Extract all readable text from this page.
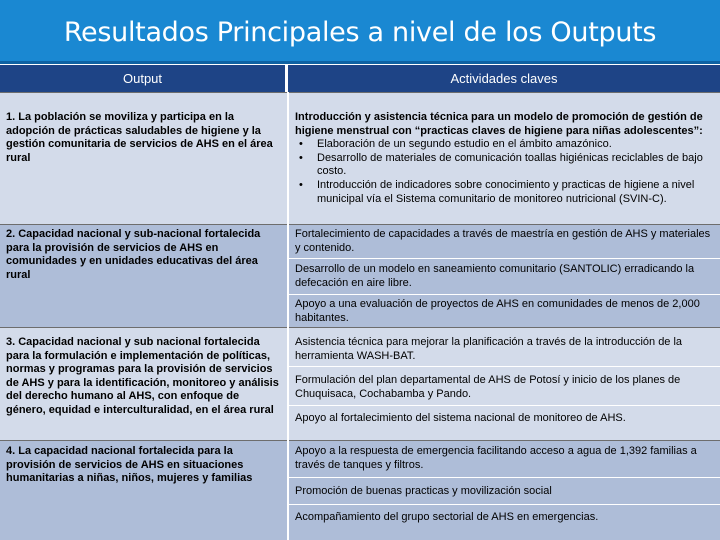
Resultados Principales a nivel de los Outputs
Output	Actividades claves
1. La población se moviliza y participa en la adopción de prácticas saludables de higiene y la gestión comunitaria de servicios de AHS en el área rural
Introducción y asistencia técnica para un modelo de promoción de gestión de higiene menstrual con “practicas claves de higiene para niñas adolescentes”:
• Elaboración de un segundo estudio en el ámbito amazónico.
• Desarrollo de materiales de comunicación toallas higiénicas reciclables de bajo costo.
• Introducción de indicadores sobre conocimiento y practicas de higiene a nivel municipal vía el Sistema comunitario de monitoreo nutricional (SVIN-C).
2. Capacidad nacional y sub-nacional fortalecida para la provisión de servicios de AHS en comunidades y en unidades educativas del área rural
Fortalecimiento de capacidades a través de maestría en gestión de AHS y materiales y contenido.
Desarrollo de un modelo en saneamiento comunitario (SANTOLIC) erradicando la defecación en aire libre.
Apoyo a una evaluación de proyectos de AHS en comunidades de menos de 2,000 habitantes.
3. Capacidad nacional y sub nacional fortalecida para la formulación e implementación de políticas, normas y programas para la provisión de servicios de AHS y para la identificación, monitoreo y análisis del derecho humano al AHS, con enfoque de género, equidad e interculturalidad, en el área rural
Asistencia técnica para mejorar la planificación a través de la introducción de la herramienta WASH-BAT.
Formulación del plan departamental de AHS de Potosí y inicio de los planes de Chuquisaca, Cochabamba y Pando.
Apoyo al fortalecimiento del sistema nacional de monitoreo de AHS.
4. La capacidad nacional fortalecida para la provisión de servicios de AHS en situaciones humanitarias a niñas, niños, mujeres y familias
Apoyo a la respuesta de emergencia facilitando acceso a agua de 1,392 familias a través de tanques y filtros.
Promoción de buenas practicas y movilización social
Acompañamiento del grupo sectorial de AHS en emergencias.
